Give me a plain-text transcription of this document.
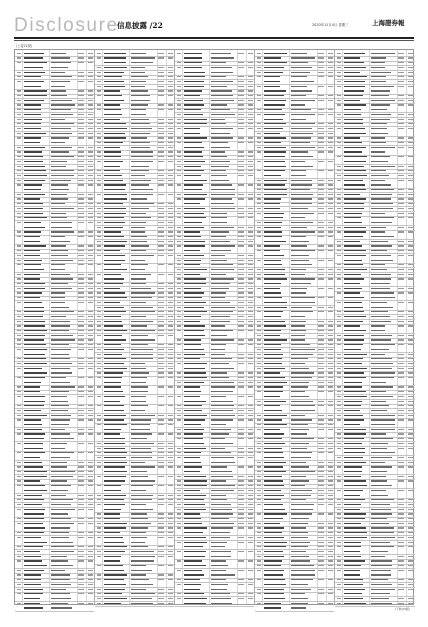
Disclosure
信息披露 /22	2020年11月4日 星期三	上海證券報
(上接21版)
(下转23版)
